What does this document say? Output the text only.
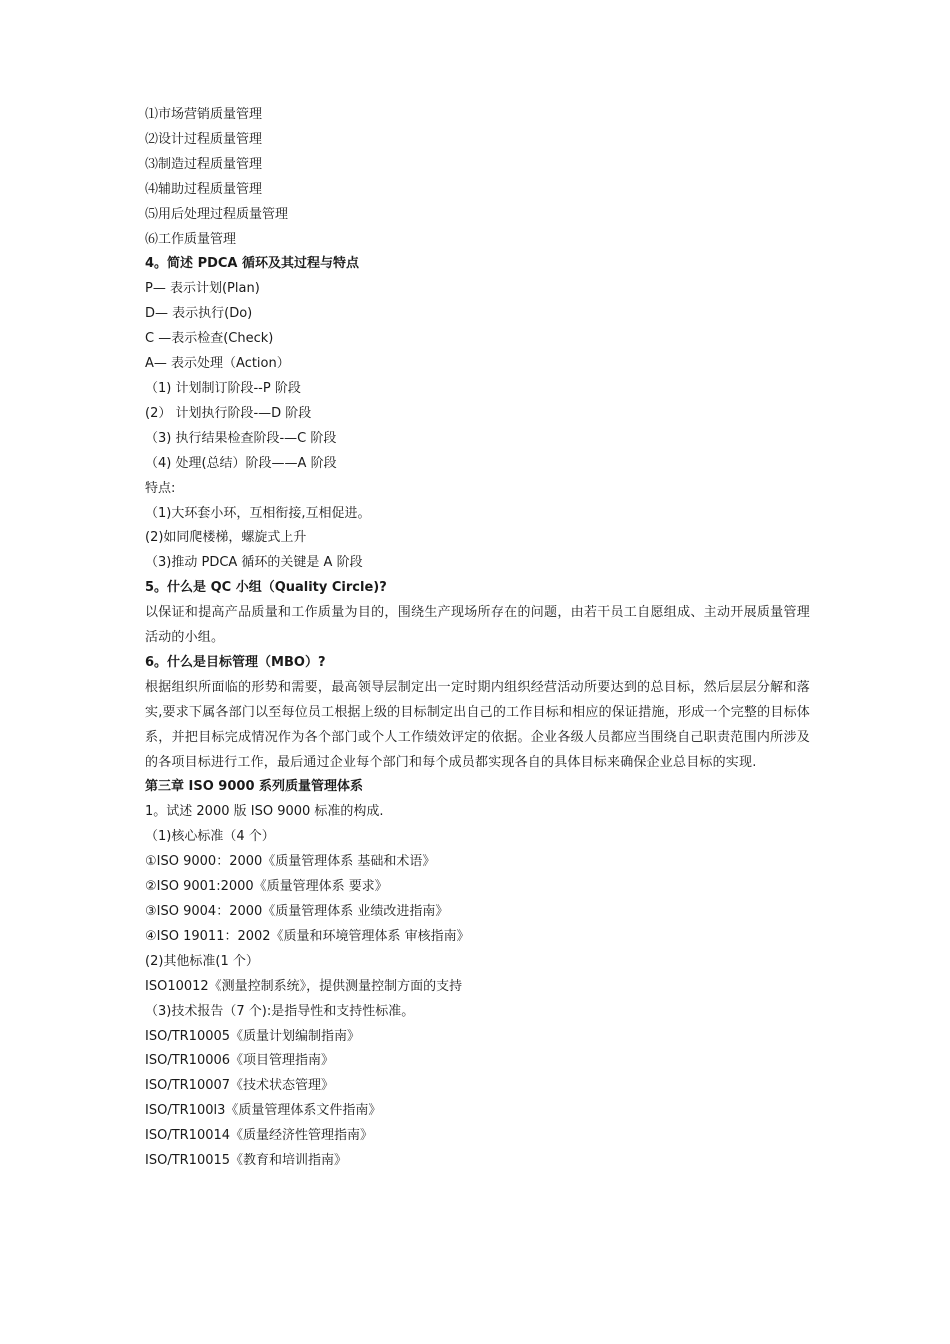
⑴市场营销质量管理

⑵设计过程质量管理

⑶制造过程质量管理

⑷辅助过程质量管理

⑸用后处理过程质量管理

⑹工作质量管理

4。简述 PDCA 循环及其过程与特点

P— 表示计划(Plan)

D— 表示执行(Do)

C —表示检查(Check)

A— 表示处理（Action）

（1) 计划制订阶段--P 阶段

(2） 计划执行阶段-—D 阶段

（3) 执行结果检查阶段-—C 阶段

（4) 处理(总结）阶段——A 阶段

特点:

（1)大环套小环，互相衔接,互相促进。

(2)如同爬楼梯，螺旋式上升

（3)推动 PDCA 循环的关键是 A 阶段

5。什么是 QC 小组（Quality Circle)?

以保证和提高产品质量和工作质量为目的，围绕生产现场所存在的问题，由若干员工自愿组成、主动开展质量管理活动的小组。

6。什么是目标管理（MBO）?

根据组织所面临的形势和需要，最高领导层制定出一定时期内组织经营活动所要达到的总目标，然后层层分解和落实,要求下属各部门以至每位员工根据上级的目标制定出自己的工作目标和相应的保证措施，形成一个完整的目标体系，并把目标完成情况作为各个部门或个人工作绩效评定的依据。企业各级人员都应当围绕自己职责范围内所涉及的各项目标进行工作，最后通过企业每个部门和每个成员都实现各自的具体目标来确保企业总目标的实现.

第三章 ISO 9000 系列质量管理体系

1。试述 2000 版 ISO 9000 标准的构成.

（1)核心标准（4 个）

①ISO 9000：2000《质量管理体系 基础和术语》

②ISO 9001:2000《质量管理体系 要求》

③ISO 9004：2000《质量管理体系 业绩改进指南》

④ISO 19011：2002《质量和环境管理体系 审核指南》

(2)其他标准(1 个）

ISO10012《测量控制系统》，提供测量控制方面的支持

（3)技术报告（7 个):是指导性和支持性标准。

ISO/TR10005《质量计划编制指南》

ISO/TR10006《项目管理指南》

ISO/TR10007《技术状态管理》

ISO/TR100l3《质量管理体系文件指南》

ISO/TR10014《质量经济性管理指南》

ISO/TR10015《教育和培训指南》
